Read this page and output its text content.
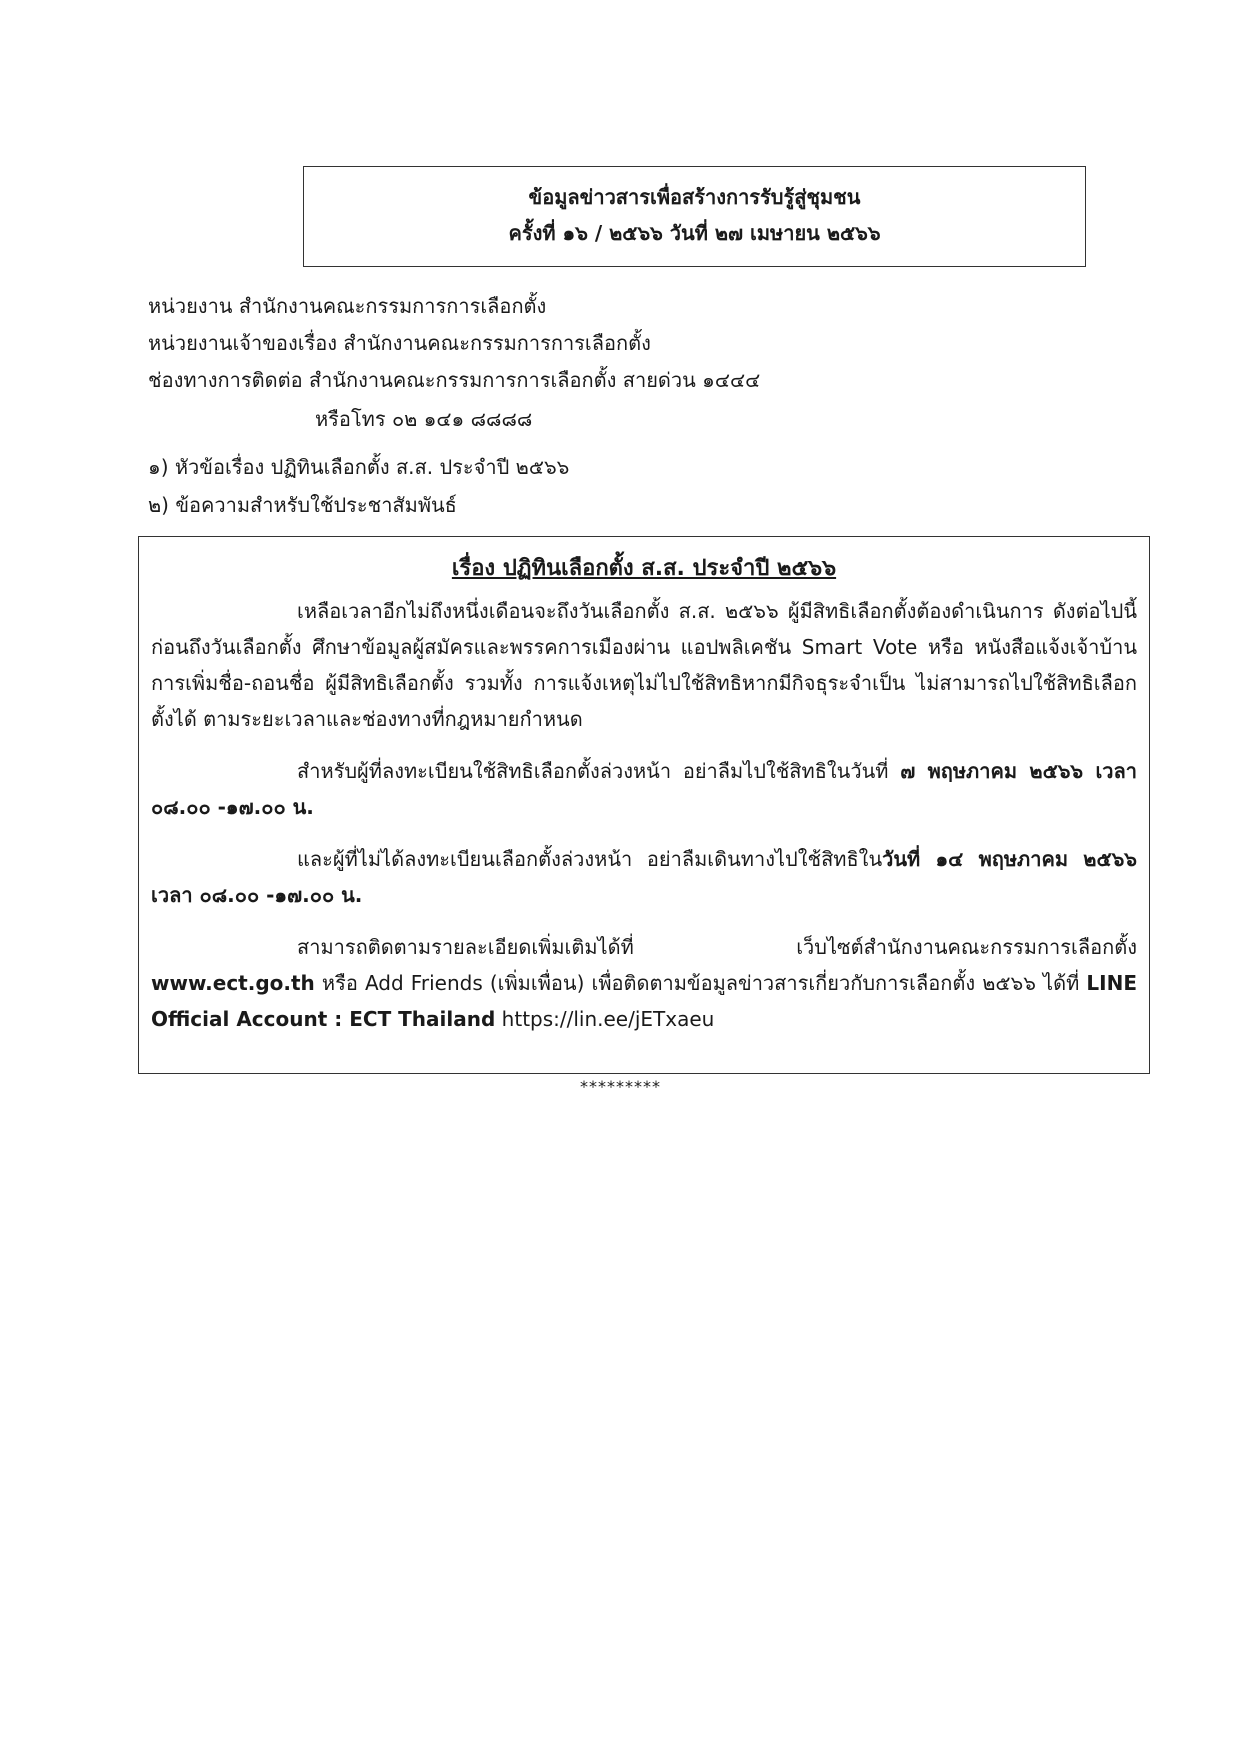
ข้อมูลข่าวสารเพื่อสร้างการรับรู้สู่ชุมชน
ครั้งที่ ๑๖ / ๒๕๖๖ วันที่ ๒๗ เมษายน ๒๕๖๖
หน่วยงาน สำนักงานคณะกรรมการการเลือกตั้ง
หน่วยงานเจ้าของเรื่อง สำนักงานคณะกรรมการการเลือกตั้ง
ช่องทางการติดต่อ สำนักงานคณะกรรมการการเลือกตั้ง สายด่วน ๑๔๔๔
หรือโทร ๐๒ ๑๔๑ ๘๘๘๘
๑) หัวข้อเรื่อง ปฏิทินเลือกตั้ง ส.ส. ประจำปี ๒๕๖๖
๒) ข้อความสำหรับใช้ประชาสัมพันธ์
เรื่อง ปฏิทินเลือกตั้ง ส.ส. ประจำปี ๒๕๖๖
เหลือเวลาอีกไม่ถึงหนึ่งเดือนจะถึงวันเลือกตั้ง ส.ส. ๒๕๖๖ ผู้มีสิทธิเลือกตั้งต้องดำเนินการ ดังต่อไปนี้ ก่อนถึงวันเลือกตั้ง ศึกษาข้อมูลผู้สมัครและพรรคการเมืองผ่าน แอปพลิเคชัน Smart Vote หรือ หนังสือแจ้งเจ้าบ้าน การเพิ่มชื่อ-ถอนชื่อ ผู้มีสิทธิเลือกตั้ง รวมทั้ง การแจ้งเหตุไม่ไปใช้สิทธิหากมีกิจธุระจำเป็น ไม่สามารถไปใช้สิทธิเลือกตั้งได้ ตามระยะเวลาและช่องทางที่กฎหมายกำหนด
สำหรับผู้ที่ลงทะเบียนใช้สิทธิเลือกตั้งล่วงหน้า อย่าลืมไปใช้สิทธิในวันที่ ๗ พฤษภาคม ๒๕๖๖ เวลา ๐๘.๐๐ -๑๗.๐๐ น.
และผู้ที่ไม่ได้ลงทะเบียนเลือกตั้งล่วงหน้า อย่าลืมเดินทางไปใช้สิทธิในวันที่ ๑๔ พฤษภาคม ๒๕๖๖ เวลา ๐๘.๐๐ -๑๗.๐๐ น.
สามารถติดตามรายละเอียดเพิ่มเติมได้ที่ เว็บไซต์สำนักงานคณะกรรมการเลือกตั้ง www.ect.go.th หรือ Add Friends (เพิ่มเพื่อน) เพื่อติดตามข้อมูลข่าวสารเกี่ยวกับการเลือกตั้ง ๒๕๖๖ ได้ที่ LINE Official Account : ECT Thailand https://lin.ee/jETxaeu
*********
